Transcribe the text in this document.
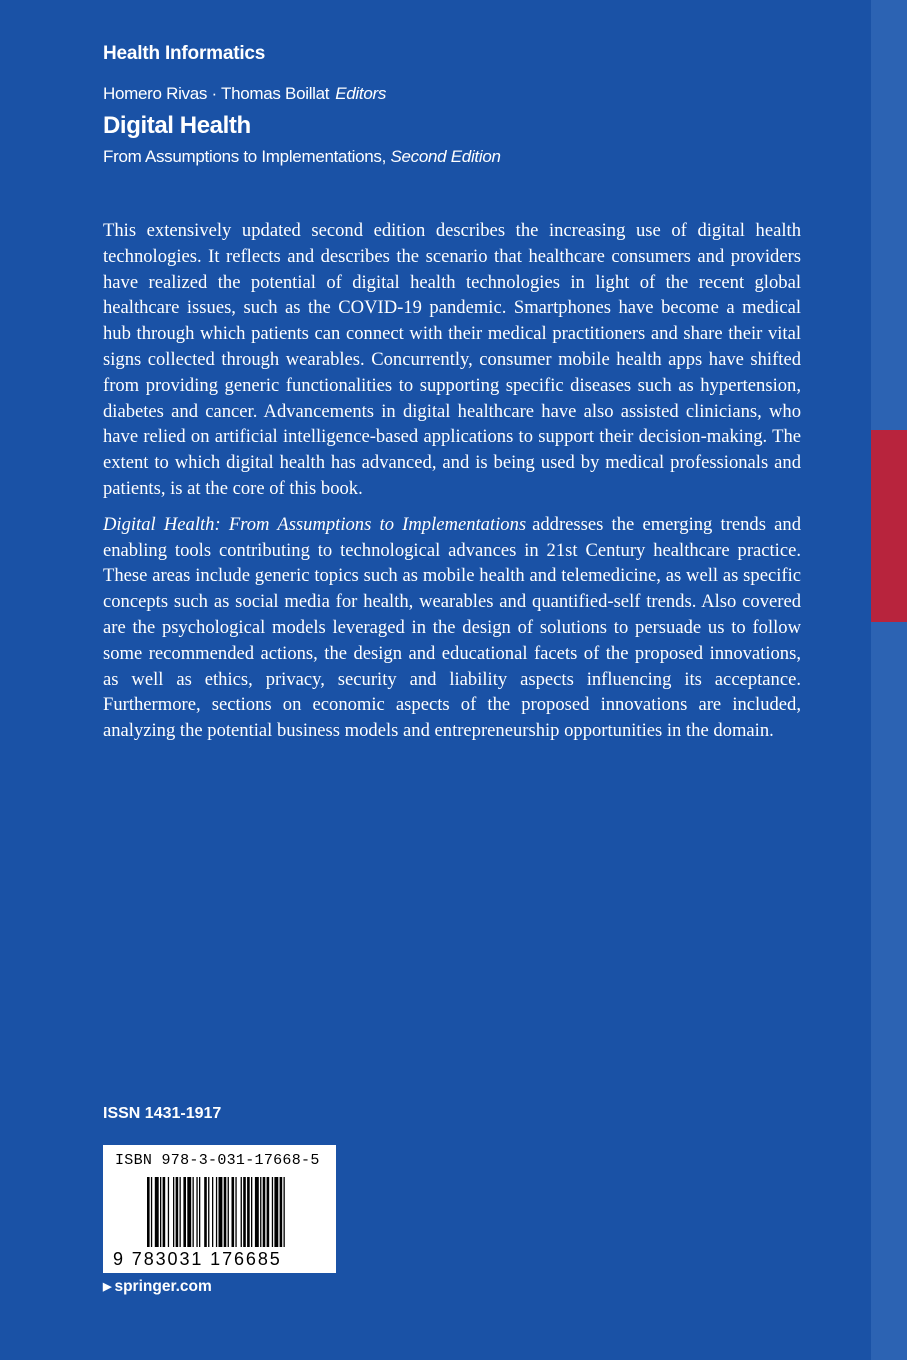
Health Informatics
Homero Rivas · Thomas Boillat Editors
Digital Health
From Assumptions to Implementations, Second Edition

This extensively updated second edition describes the increasing use of digital health technologies. It reflects and describes the scenario that healthcare consumers and providers have realized the potential of digital health technologies in light of the recent global healthcare issues, such as the COVID-19 pandemic. Smartphones have become a medical hub through which patients can connect with their medical practitioners and share their vital signs collected through wearables. Concurrently, consumer mobile health apps have shifted from providing generic functionalities to supporting specific diseases such as hypertension, diabetes and cancer. Advancements in digital healthcare have also assisted clinicians, who have relied on artificial intelligence-based applications to support their decision-making. The extent to which digital health has advanced, and is being used by medical professionals and patients, is at the core of this book.

Digital Health: From Assumptions to Implementations addresses the emerging trends and enabling tools contributing to technological advances in 21st Century healthcare practice. These areas include generic topics such as mobile health and telemedicine, as well as specific concepts such as social media for health, wearables and quantified-self trends. Also covered are the psychological models leveraged in the design of solutions to persuade us to follow some recommended actions, the design and educational facets of the proposed innovations, as well as ethics, privacy, security and liability aspects influencing its acceptance. Furthermore, sections on economic aspects of the proposed innovations are included, analyzing the potential business models and entrepreneurship opportunities in the domain.

ISSN 1431-1917
ISBN 978-3-031-17668-5
9 783031 176685
▶ springer.com
